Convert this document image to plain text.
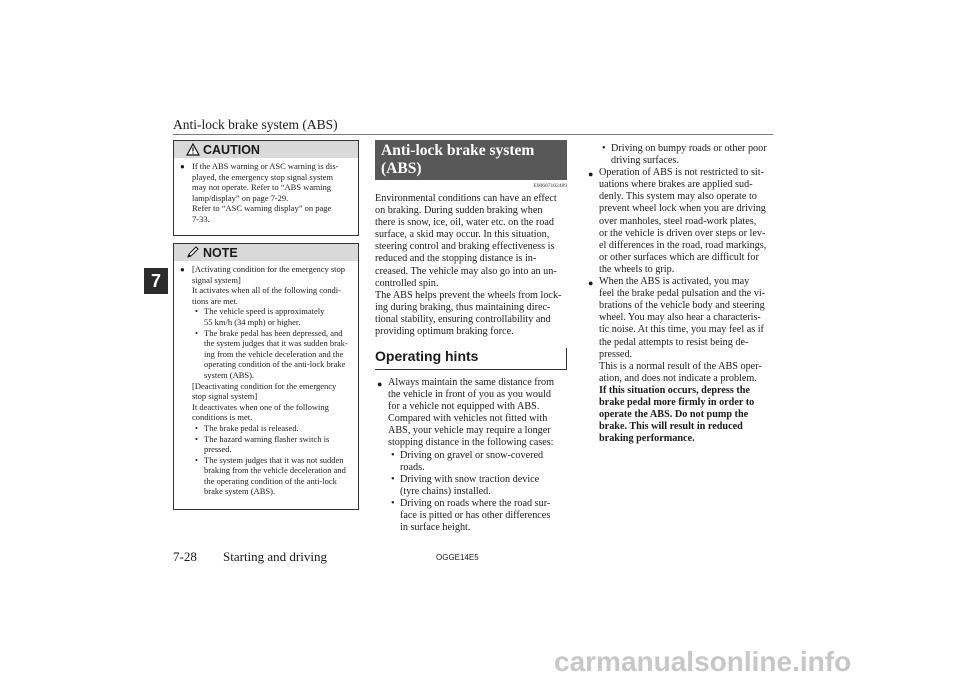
Anti-lock brake system (ABS)
7
CAUTION
● If the ABS warning or ASC warning is dis-
played, the emergency stop signal system
may not operate. Refer to “ABS warning
lamp/display” on page 7-29.
Refer to “ASC warning display” on page
7-33.
NOTE
● [Activating condition for the emergency stop
signal system]
It activates when all of the following condi-
tions are met.
• The vehicle speed is approximately
55 km/h (34 mph) or higher.
• The brake pedal has been depressed, and
the system judges that it was sudden brak-
ing from the vehicle deceleration and the
operating condition of the anti-lock brake
system (ABS).
[Deactivating condition for the emergency
stop signal system]
It deactivates when one of the following
conditions is met.
• The brake pedal is released.
• The hazard warning flasher switch is
pressed.
• The system judges that it was not sudden
braking from the vehicle deceleration and
the operating condition of the anti-lock
brake system (ABS).
Anti-lock brake system
(ABS)
E00607102489
Environmental conditions can have an effect
on braking. During sudden braking when
there is snow, ice, oil, water etc. on the road
surface, a skid may occur. In this situation,
steering control and braking effectiveness is
reduced and the stopping distance is in-
creased. The vehicle may also go into an un-
controlled spin.
The ABS helps prevent the wheels from lock-
ing during braking, thus maintaining direc-
tional stability, ensuring controllability and
providing optimum braking force.
Operating hints
● Always maintain the same distance from
the vehicle in front of you as you would
for a vehicle not equipped with ABS.
Compared with vehicles not fitted with
ABS, your vehicle may require a longer
stopping distance in the following cases:
• Driving on gravel or snow-covered
roads.
• Driving with snow traction device
(tyre chains) installed.
• Driving on roads where the road sur-
face is pitted or has other differences
in surface height.
• Driving on bumpy roads or other poor
driving surfaces.
● Operation of ABS is not restricted to sit-
uations where brakes are applied sud-
denly. This system may also operate to
prevent wheel lock when you are driving
over manholes, steel road-work plates,
or the vehicle is driven over steps or lev-
el differences in the road, road markings,
or other surfaces which are difficult for
the wheels to grip.
● When the ABS is activated, you may
feel the brake pedal pulsation and the vi-
brations of the vehicle body and steering
wheel. You may also hear a characteris-
tic noise. At this time, you may feel as if
the pedal attempts to resist being de-
pressed.
This is a normal result of the ABS oper-
ation, and does not indicate a problem.
If this situation occurs, depress the
brake pedal more firmly in order to
operate the ABS. Do not pump the
brake. This will result in reduced
braking performance.
7-28 Starting and driving	OGGE14E5
carmanualsonline.info
